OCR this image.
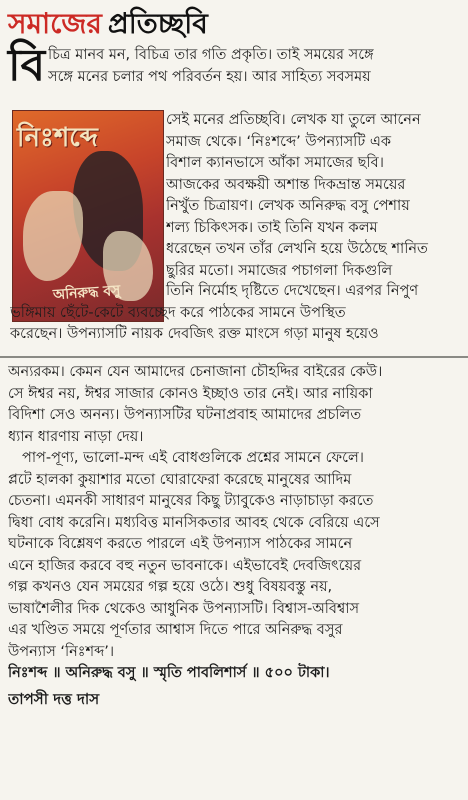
সমাজের প্রতিচ্ছবি
বি চিত্র মানব মন, বিচিত্র তার গতি প্রকৃতি। তাই সময়ের সঙ্গে
সঙ্গে মনের চলার পথ পরিবর্তন হয়। আর সাহিত্য সবসময়
নিঃশব্দে
অনিরুদ্ধ বসু
সেই মনের প্রতিচ্ছবি। লেখক যা তুলে আনেন
সমাজ থেকে। ‘নিঃশব্দে’ উপন্যাসটি এক
বিশাল ক্যানভাসে আঁকা সমাজের ছবি।
আজকের অবক্ষয়ী অশান্ত দিকভ্রান্ত সময়ের
নিখুঁত চিত্রায়ণ। লেখক অনিরুদ্ধ বসু পেশায়
শল্য চিকিৎসক। তাই তিনি যখন কলম
ধরেছেন তখন তাঁর লেখনি হয়ে উঠেছে শানিত
ছুরির মতো। সমাজের পচাগলা দিকগুলি
তিনি নির্মোহ দৃষ্টিতে দেখেছেন। এরপর নিপুণ
ভঙ্গিমায় ছেঁটে-কেটে ব্যবচ্ছেদ করে পাঠকের সামনে উপস্থিত
করেছেন। উপন্যাসটি নায়ক দেবজিৎ রক্ত মাংসে গড়া মানুষ হয়েও
অন্যরকম। কেমন যেন আমাদের চেনাজানা চৌহদ্দির বাইরের কেউ।
সে ঈশ্বর নয়, ঈশ্বর সাজার কোনও ইচ্ছাও তার নেই। আর নায়িকা
বিদিশা সেও অনন্য। উপন্যাসটির ঘটনাপ্রবাহ আমাদের প্রচলিত
ধ্যান ধারণায় নাড়া দেয়।
পাপ-পূণ্য, ভালো-মন্দ এই বোধগুলিকে প্রশ্নের সামনে ফেলে।
প্লটে হালকা কুয়াশার মতো ঘোরাফেরা করেছে মানুষের আদিম
চেতনা। এমনকী সাধারণ মানুষের কিছু ট্যাবুকেও নাড়াচাড়া করতে
দ্বিধা বোধ করেনি। মধ্যবিত্ত মানসিকতার আবহ থেকে বেরিয়ে এসে
ঘটনাকে বিশ্লেষণ করতে পারলে এই উপন্যাস পাঠকের সামনে
এনে হাজির করবে বহু নতুন ভাবনাকে। এইভাবেই দেবজিৎয়ের
গল্প কখনও যেন সময়ের গল্প হয়ে ওঠে। শুধু বিষয়বস্তু নয়,
ভাষাশৈলীর দিক থেকেও আধুনিক উপন্যাসটি। বিশ্বাস-অবিশ্বাস
এর খণ্ডিত সময়ে পূর্ণতার আশ্বাস দিতে পারে অনিরুদ্ধ বসুর
উপন্যাস ‘নিঃশব্দ’।
নিঃশব্দ ॥ অনিরুদ্ধ বসু ॥ স্মৃতি পাবলিশার্স ॥ ৫০০ টাকা।
তাপসী দত্ত দাস
